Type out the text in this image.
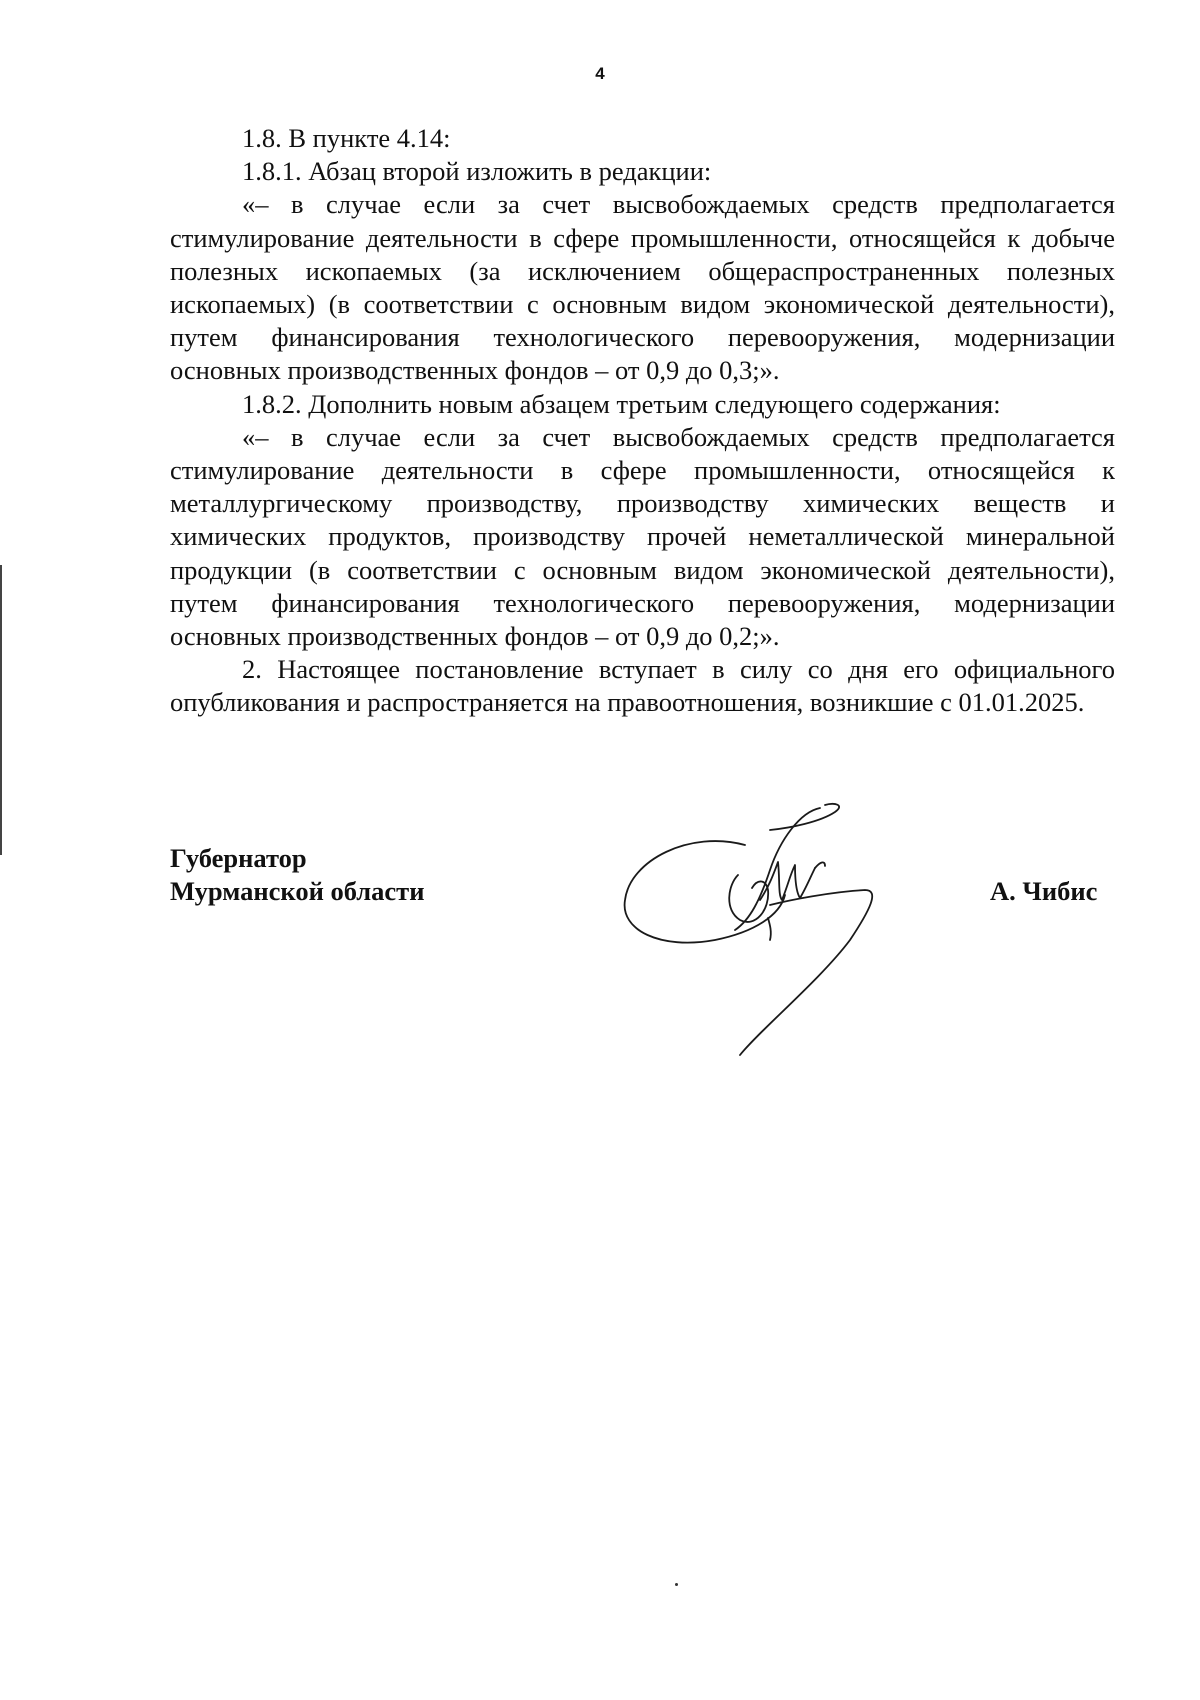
4

1.8. В пункте 4.14:

1.8.1. Абзац второй изложить в редакции:

«– в случае если за счет высвобождаемых средств предполагается стимулирование деятельности в сфере промышленности, относящейся к добыче полезных ископаемых (за исключением общераспространенных полезных ископаемых) (в соответствии с основным видом экономической деятельности), путем финансирования технологического перевооружения, модернизации основных производственных фондов – от 0,9 до 0,3;».

1.8.2. Дополнить новым абзацем третьим следующего содержания:

«– в случае если за счет высвобождаемых средств предполагается стимулирование деятельности в сфере промышленности, относящейся к металлургическому производству, производству химических веществ и химических продуктов, производству прочей неметаллической минеральной продукции (в соответствии с основным видом экономической деятельности), путем финансирования технологического перевооружения, модернизации основных производственных фондов – от 0,9 до 0,2;».

2. Настоящее постановление вступает в силу со дня его официального опубликования и распространяется на правоотношения, возникшие с 01.01.2025.

Губернатор
Мурманской области	А. Чибис
